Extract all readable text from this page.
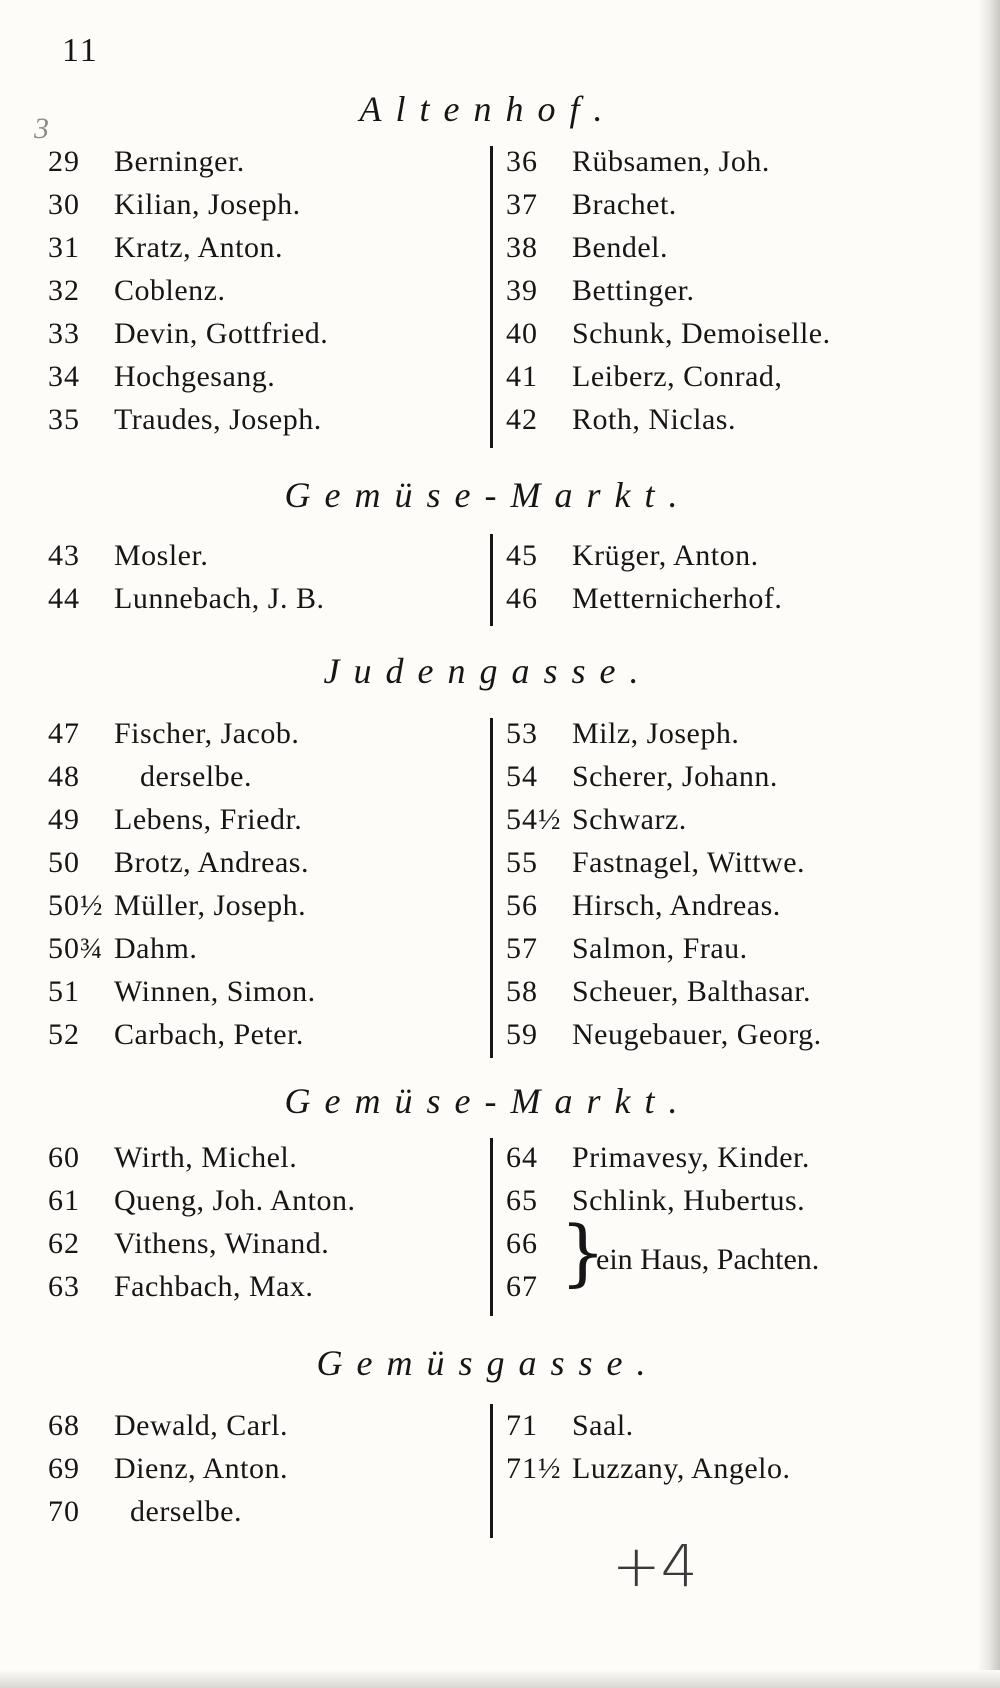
11
3	Altenhof.
29 Berninger.
30 Kilian, Joseph.
31 Kratz, Anton.
32 Coblenz.
33 Devin, Gottfried.
34 Hochgesang.
35 Traudes, Joseph.
36 Rübsamen, Joh.
37 Brachet.
38 Bendel.
39 Bettinger.
40 Schunk, Demoiselle.
41 Leiberz, Conrad,
42 Roth, Niclas.
Gemüse-Markt.
43 Mosler.
44 Lunnebach, J. B.
45 Krüger, Anton.
46 Metternicherhof.
Judengasse.
47 Fischer, Jacob.
48 derselbe.
49 Lebens, Friedr.
50 Brotz, Andreas.
50½ Müller, Joseph.
50¾ Dahm.
51 Winnen, Simon.
52 Carbach, Peter.
53 Milz, Joseph.
54 Scherer, Johann.
54½ Schwarz.
55 Fastnagel, Wittwe.
56 Hirsch, Andreas.
57 Salmon, Frau.
58 Scheuer, Balthasar.
59 Neugebauer, Georg.
Gemüse-Markt.
60 Wirth, Michel.
61 Queng, Joh. Anton.
62 Vithens, Winand.
63 Fachbach, Max.
64 Primavesy, Kinder.
65 Schlink, Hubertus.
66
67 }
ein Haus, Pachten.
Gemüsgasse.
68 Dewald, Carl.
69 Dienz, Anton.
70 derselbe.
71 Saal.
71½ Luzzany, Angelo.
+4
